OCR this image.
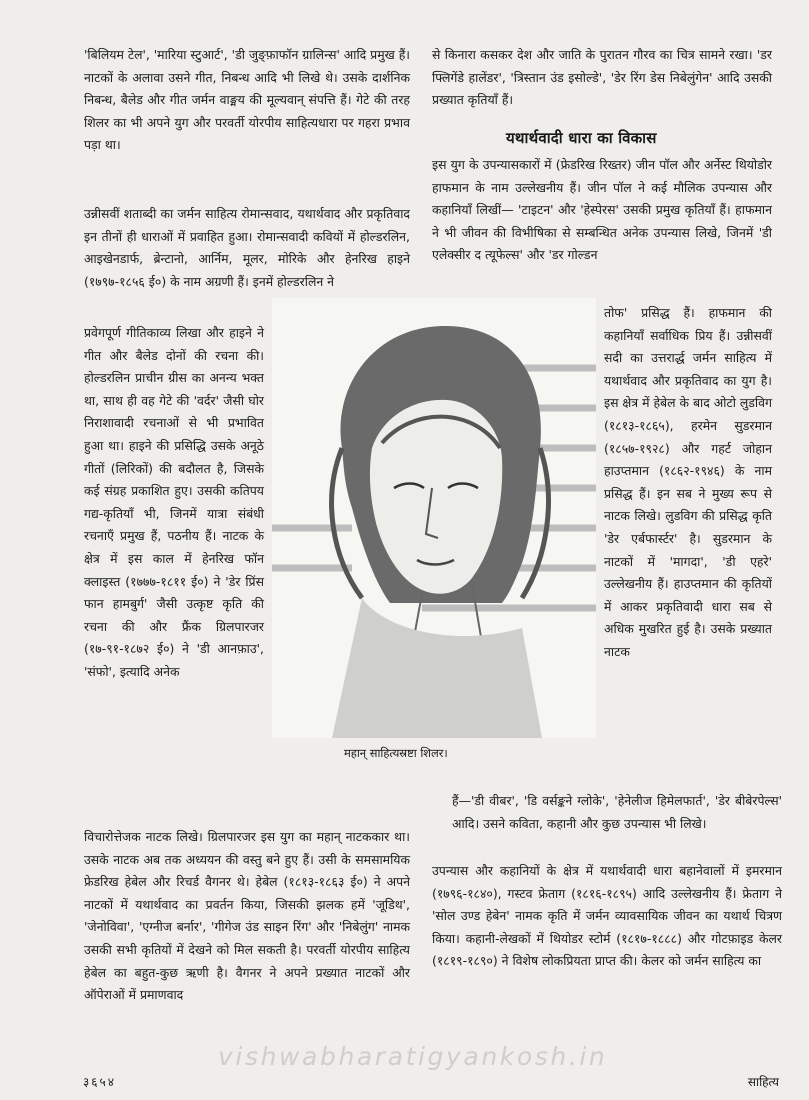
'बिलियम टेल', 'मारिया स्टुआर्ट', 'डी जुङ्फ़ाफॉन ग्रालिन्स' आदि प्रमुख हैं। नाटकों के अलावा उसने गीत, निबन्ध आदि भी लिखे थे। उसके दार्शनिक निबन्ध, बैलेड और गीत जर्मन वाङ्मय की मूल्यवान् संपत्ति हैं। गेटे की तरह शिलर का भी अपने युग और परवर्ती योरपीय साहित्यधारा पर गहरा प्रभाव पड़ा था।

उन्नीसवीं शताब्दी का जर्मन साहित्य रोमान्सवाद, यथार्थवाद और प्रकृतिवाद इन तीनों ही धाराओं में प्रवाहित हुआ। रोमान्सवादी कवियों में होल्डरलिन, आइखेनडार्फ, ब्रेन्टानो, आर्निम, मूलर, मोरिके और हेनरिख हाइने (१७९७-१८५६ ई०) के नाम अग्रणी हैं। इनमें होल्डरलिन ने

प्रवेगपूर्ण गीतिकाव्य लिखा और हाइने ने गीत और बैलेड दोनों की रचना की। होल्डरलिन प्राचीन ग्रीस का अनन्य भक्त था, साथ ही वह गेटे की 'वर्दर' जैसी घोर निराशावादी रचनाओं से भी प्रभावित हुआ था। हाइने की प्रसिद्धि उसके अनूठे गीतों (लिरिकों) की बदौलत है, जिसके कई संग्रह प्रकाशित हुए। उसकी कतिपय गद्य-कृतियाँ भी, जिनमें यात्रा संबंधी रचनाएँ प्रमुख हैं, पठनीय हैं। नाटक के क्षेत्र में इस काल में हेनरिख फॉन क्लाइस्त (१७७७-१८११ ई०) ने 'डेर प्रिंस फान हामबुर्ग' जैसी उत्कृष्ट कृति की रचना की और फ्रैंक ग्रिलपारजर (१७-९१-१८७२ ई०) ने 'डी आनफ़ाउ', 'संफो', इत्यादि अनेक

विचारोत्तेजक नाटक लिखे। ग्रिलपारजर इस युग का महान् नाटककार था। उसके नाटक अब तक अध्ययन की वस्तु बने हुए हैं। उसी के समसामयिक फ्रेडरिख हेबेल और रिचर्ड वैगनर थे। हेबेल (१८१३-१८६३ ई०) ने अपने नाटकों में यथार्थवाद का प्रवर्तन किया, जिसकी झलक हमें 'जूडिथ', 'जेनोविवा', 'एग्नीज बर्नार', 'गीगेज उंड साइन रिंग' और 'निबेलुंग' नामक उसकी सभी कृतियों में देखने को मिल सकती है। परवर्ती योरपीय साहित्य हेबेल का बहुत-कुछ ऋणी है। वैगनर ने अपने प्रख्यात नाटकों और ऑपेराओं में प्रमाणवाद

से किनारा कसकर देश और जाति के पुरातन गौरव का चित्र सामने रखा। 'डर फ्लिगेंडे हालेंडर', 'त्रिस्तान उंड इसोल्डे', 'डेर रिंग डेस निबेलुंगेन' आदि उसकी प्रख्यात कृतियाँ हैं।

यथार्थवादी धारा का विकास

इस युग के उपन्यासकारों में (फ्रेडरिख रिख्तर) जीन पॉल और अर्नेस्ट थियोडोर हाफमान के नाम उल्लेखनीय हैं। जीन पॉल ने कई मौलिक उपन्यास और कहानियाँ लिखीं— 'टाइटन' और 'हेस्पेरस' उसकी प्रमुख कृतियाँ हैं। हाफमान ने भी जीवन की विभीषिका से सम्बन्धित अनेक उपन्यास लिखे, जिनमें 'डी एलेक्सीर द त्यूफेल्स' और 'डर गोल्डन

तोफ' प्रसिद्ध हैं। हाफमान की कहानियाँ सर्वाधिक प्रिय हैं। उन्नीसवीं सदी का उत्तरार्द्ध जर्मन साहित्य में यथार्थवाद और प्रकृतिवाद का युग है। इस क्षेत्र में हेबेल के बाद ओटो लुडविग (१८१३-१८६५), हरमेन सुडरमान (१८५७-१९२८) और गहर्ट जोहान हाउप्तमान (१८६२-१९४६) के नाम प्रसिद्ध हैं। इन सब ने मुख्य रूप से नाटक लिखे। लुडविग की प्रसिद्ध कृति 'डेर एर्बफार्स्टर' है। सुडरमान के नाटकों में 'मागदा', 'डी एहरे' उल्लेखनीय हैं। हाउप्तमान की कृतियों में आकर प्रकृतिवादी धारा सब से अधिक मुखरित हुई है। उसके प्रख्यात नाटक

हैं—'डी वीबर', 'डि वर्सङ्कने ग्लोके', 'हेनेलीज हिमेलफार्त', 'डेर बीबेरपेल्स' आदि। उसने कविता, कहानी और कुछ उपन्यास भी लिखे।

उपन्यास और कहानियों के क्षेत्र में यथार्थवादी धारा बहानेवालों में इमरमान (१७९६-१८४०), गस्टव फ्रेताग (१८१६-१८९५) आदि उल्लेखनीय हैं। फ्रेताग ने 'सोल उण्ड हेबेन' नामक कृति में जर्मन व्यावसायिक जीवन का यथार्थ चित्रण किया। कहानी-लेखकों में थियोडर स्टोर्म (१८१७-१८८८) और गोटफ़ाइड केलर (१८१९-१८९०) ने विशेष लोकप्रियता प्राप्त की। केलर को जर्मन साहित्य का

महान् साहित्यस्रष्टा शिलर।
vishwabharatigyankosh.in
३६५४	साहित्य
